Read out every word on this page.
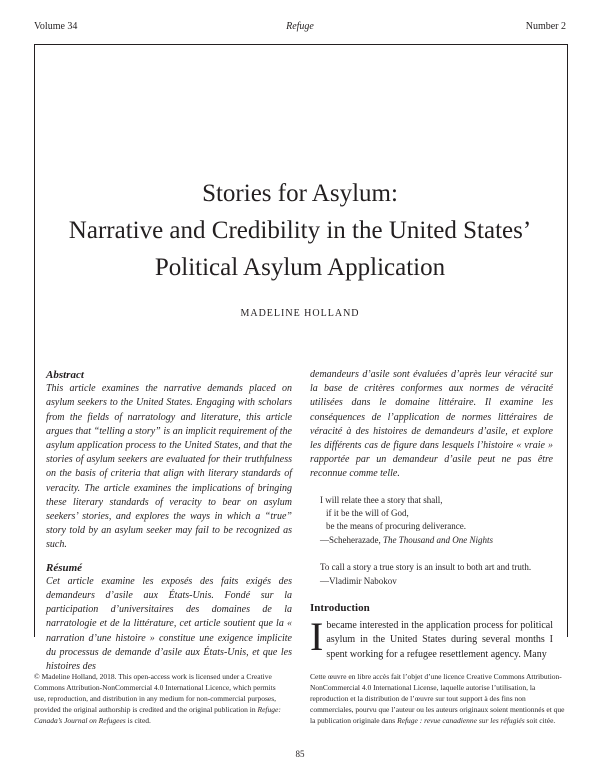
Volume 34	Refuge	Number 2
Stories for Asylum:
Narrative and Credibility in the United States’
Political Asylum Application
MADELINE HOLLAND

Abstract

This article examines the narrative demands placed on asylum seekers to the United States. Engaging with scholars from the fields of narratology and literature, this article argues that “telling a story” is an implicit requirement of the asylum application process to the United States, and that the stories of asylum seekers are evaluated for their truthfulness on the basis of criteria that align with literary standards of veracity. The article examines the implications of bringing these literary standards of veracity to bear on asylum seekers’ stories, and explores the ways in which a “true” story told by an asylum seeker may fail to be recognized as such.

Résumé

Cet article examine les exposés des faits exigés des demandeurs d’asile aux États-Unis. Fondé sur la participation d’universitaires des domaines de la narratologie et de la littérature, cet article soutient que la « narration d’une histoire » constitue une exigence implicite du processus de demande d’asile aux États-Unis, et que les histoires des

demandeurs d’asile sont évaluées d’après leur véracité sur la base de critères conformes aux normes de véracité utilisées dans le domaine littéraire. Il examine les conséquences de l’application de normes littéraires de véracité à des histoires de demandeurs d’asile, et explore les différents cas de figure dans lesquels l’histoire « vraie » rapportée par un demandeur d’asile peut ne pas être reconnue comme telle.

I will relate thee a story that shall,

if it be the will of God,

be the means of procuring deliverance.

—Scheherazade, The Thousand and One Nights

To call a story a true story is an insult to both art and truth.

—Vladimir Nabokov

Introduction

Ibecame interested in the application process for political asylum in the United States during several months I spent working for a refugee resettlement agency. Many

© Madeline Holland, 2018. This open-access work is licensed under a Creative Commons Attribution-NonCommercial 4.0 International Licence, which permits use, reproduction, and distribution in any medium for non-commercial purposes, provided the original authorship is credited and the original publication in Refuge: Canada’s Journal on Refugees is cited.
Cette œuvre en libre accès fait l’objet d’une licence Creative Commons Attribution-NonCommercial 4.0 International License, laquelle autorise l’utilisation, la reproduction et la distribution de l’œuvre sur tout support à des fins non commerciales, pourvu que l’auteur ou les auteurs originaux soient mentionnés et que la publication originale dans Refuge : revue canadienne sur les réfugiés soit citée.
85
